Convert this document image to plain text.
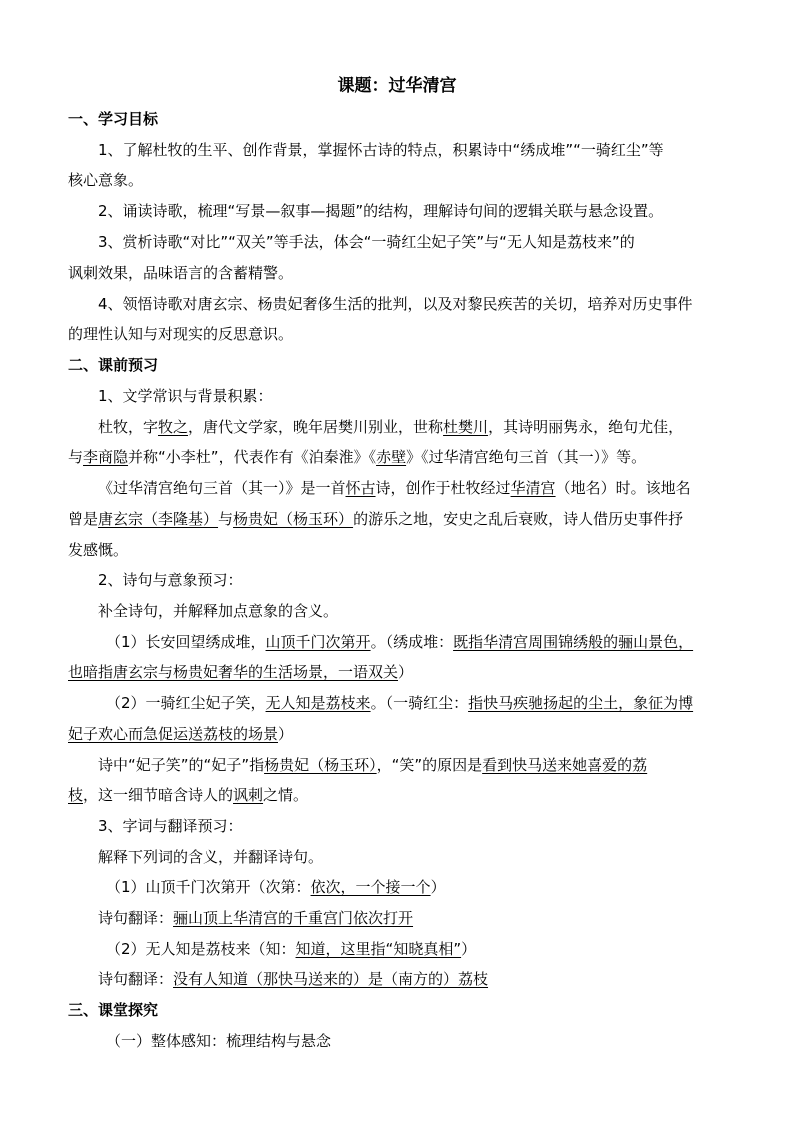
课题：过华清宫
一、学习目标
1、了解杜牧的生平、创作背景，掌握怀古诗的特点，积累诗中“绣成堆”“一骑红尘”等
核心意象。
2、诵读诗歌，梳理“写景—叙事—揭题”的结构，理解诗句间的逻辑关联与悬念设置。
3、赏析诗歌“对比”“双关”等手法，体会“一骑红尘妃子笑”与“无人知是荔枝来”的
讽刺效果，品味语言的含蓄精警。
4、领悟诗歌对唐玄宗、杨贵妃奢侈生活的批判，以及对黎民疾苦的关切，培养对历史事件
的理性认知与对现实的反思意识。
二、课前预习
1、文学常识与背景积累：
杜牧，字牧之，唐代文学家，晚年居樊川别业，世称杜樊川，其诗明丽隽永，绝句尤佳，
与李商隐并称“小李杜”，代表作有《泊秦淮》《赤壁》《过华清宫绝句三首（其一）》等。
《过华清宫绝句三首（其一）》是一首怀古诗，创作于杜牧经过华清宫（地名）时。该地名
曾是唐玄宗（李隆基）与杨贵妃（杨玉环）的游乐之地，安史之乱后衰败，诗人借历史事件抒
发感慨。
2、诗句与意象预习：
补全诗句，并解释加点意象的含义。
（1）长安回望绣成堆，山顶千门次第开。（绣成堆：既指华清宫周围锦绣般的骊山景色，
也暗指唐玄宗与杨贵妃奢华的生活场景，一语双关）
（2）一骑红尘妃子笑，无人知是荔枝来。（一骑红尘：指快马疾驰扬起的尘土，象征为博
妃子欢心而急促运送荔枝的场景）
诗中“妃子笑”的“妃子”指杨贵妃（杨玉环），“笑”的原因是看到快马送来她喜爱的荔
枝，这一细节暗含诗人的讽刺之情。
3、字词与翻译预习：
解释下列词的含义，并翻译诗句。
（1）山顶千门次第开（次第：依次，一个接一个）
诗句翻译：骊山顶上华清宫的千重宫门依次打开
（2）无人知是荔枝来（知：知道，这里指“知晓真相”）
诗句翻译：没有人知道（那快马送来的）是（南方的）荔枝
三、课堂探究
（一）整体感知：梳理结构与悬念
